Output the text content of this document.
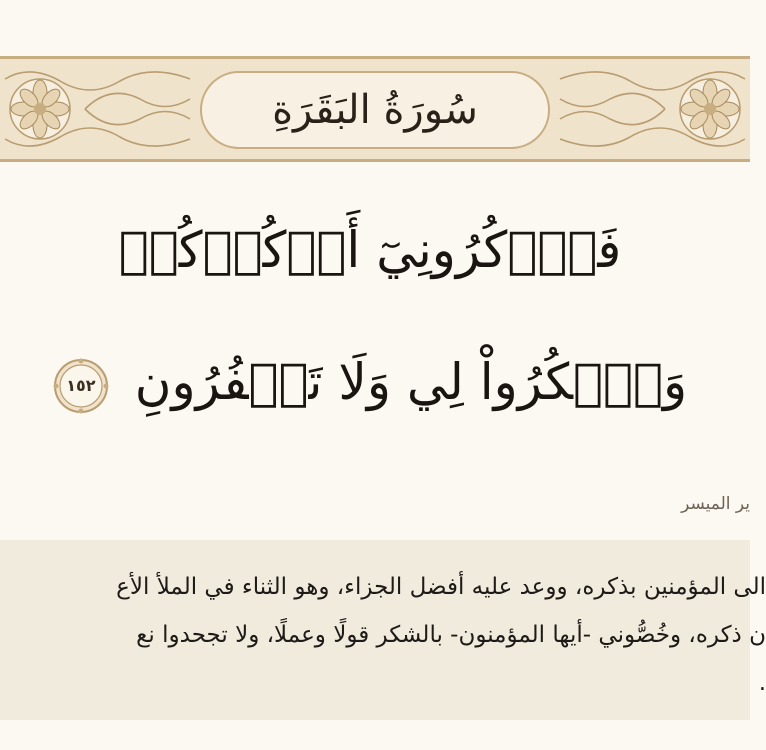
سُورَةُ البَقَرَةِ
فَٱذۡكُرُونِيٓ أَذۡكُرۡكُمۡ
وَٱشۡكُرُواْ لِي وَلَا تَكۡفُرُونِ
١٥٢
ير الميسر
الى المؤمنين بذكره، ووعد عليه أفضل الجزاء، وهو الثناء في الملأ الأع
ن ذكره، وخُصُّوني -أيها المؤمنون- بالشكر قولًا وعملًا، ولا تجحدوا نع
.
